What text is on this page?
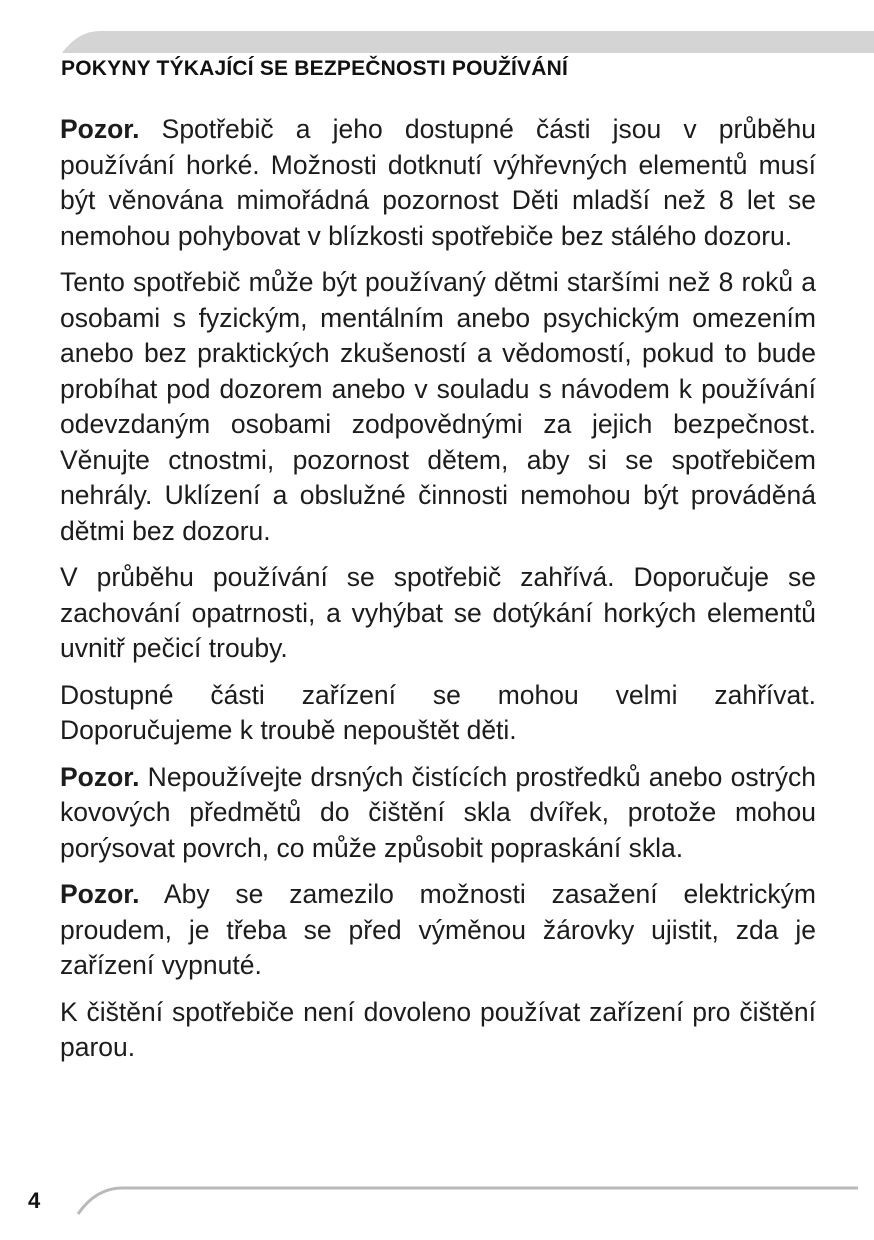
POKYNY TÝKAJÍCÍ SE BEZPEČNOSTI POUŽÍVÁNÍ

Pozor. Spotřebič a jeho dostupné části jsou v průběhu používání horké. Možnosti dotknutí výhřevných elementů musí být věnována mimořádná pozornost Děti mladší než 8 let se nemohou pohybovat v blízkosti spotřebiče bez stálého dozoru.

Tento spotřebič může být používaný dětmi staršími než 8 roků a osobami s fyzickým, mentálním anebo psychickým omezením anebo bez praktických zkušeností a vědomostí, pokud to bude probíhat pod dozorem anebo v souladu s návodem k používání odevzdaným osobami zodpovědnými za jejich bezpečnost. Věnujte ctnostmi, pozornost dětem, aby si se spotřebičem nehrály. Uklízení a obslužné činnosti nemohou být prováděná dětmi bez dozoru.

V průběhu používání se spotřebič zahřívá. Doporučuje se zachování opatrnosti, a vyhýbat se dotýkání horkých elementů uvnitř pečicí trouby.

Dostupné části zařízení se mohou velmi zahřívat. Doporučujeme k troubě nepouštět děti.

Pozor. Nepoužívejte drsných čistících prostředků anebo ostrých kovových předmětů do čištění skla dvířek, protože mohou porýsovat povrch, co může způsobit popraskání skla.

Pozor. Aby se zamezilo možnosti zasažení elektrickým proudem, je třeba se před výměnou žárovky ujistit, zda je zařízení vypnuté.

K čištění spotřebiče není dovoleno používat zařízení pro čištění parou.

4
